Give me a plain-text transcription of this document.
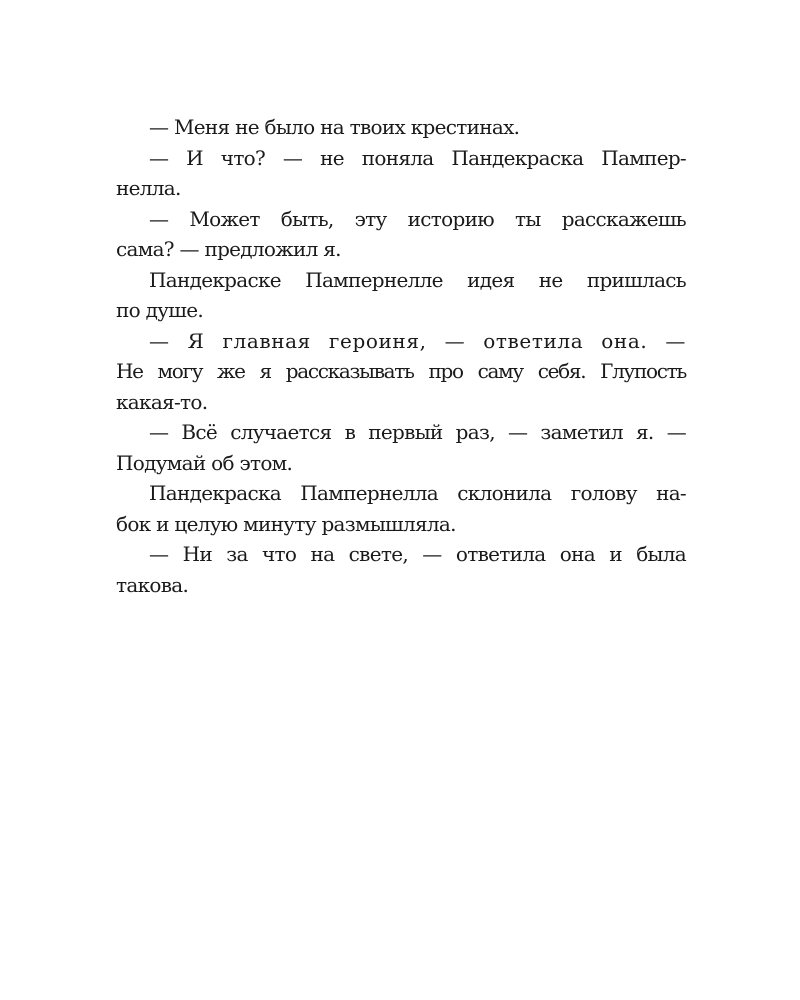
— Меня не было на твоих крестинах.
— И что? — не поняла Пандекраска Пампер-
нелла.
— Может быть, эту историю ты расскажешь
сама? — предложил я.
Пандекраске Пампернелле идея не пришлась
по душе.
— Я главная героиня, — ответила она. —
Не могу же я рассказывать про саму себя. Глупость
какая-то.
— Всё случается в первый раз, — заметил я. —
Подумай об этом.
Пандекраска Пампернелла склонила голову на-
бок и целую минуту размышляла.
— Ни за что на свете, — ответила она и была
такова.
